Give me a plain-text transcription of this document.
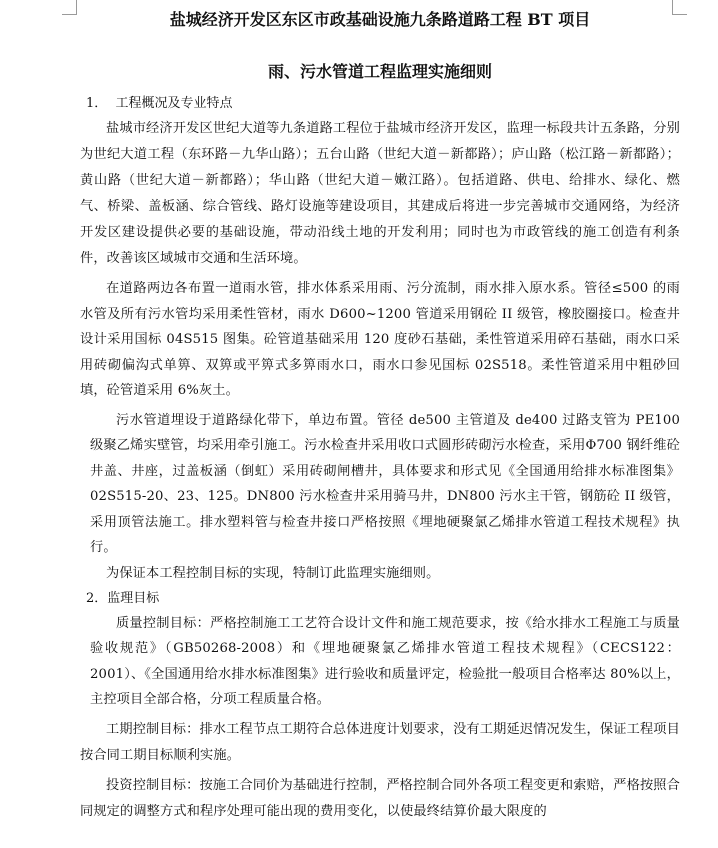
盐城经济开发区东区市政基础设施九条路道路工程 BT 项目
雨、污水管道工程监理实施细则
1．  工程概况及专业特点

盐城市经济开发区世纪大道等九条道路工程位于盐城市经济开发区，监理一标段共计五条路，分别为世纪大道工程（东环路－九华山路）；五台山路（世纪大道－新都路）；庐山路（松江路－新都路）；黄山路（世纪大道－新都路）；华山路（世纪大道－嫩江路）。包括道路、供电、给排水、绿化、燃气、桥梁、盖板涵、综合管线、路灯设施等建设项目，其建成后将进一步完善城市交通网络，为经济开发区建设提供必要的基础设施，带动沿线土地的开发利用；同时也为市政管线的施工创造有利条件，改善该区域城市交通和生活环境。

在道路两边各布置一道雨水管，排水体系采用雨、污分流制，雨水排入原水系。管径≤500 的雨水管及所有污水管均采用柔性管材，雨水 D600~1200 管道采用钢砼 II 级管，橡胶圈接口。检查井设计采用国标 04S515 图集。砼管道基础采用 120 度砂石基础，柔性管道采用碎石基础，雨水口采用砖砌偏沟式单箅、双箅或平箅式多箅雨水口，雨水口参见国标 02S518。柔性管道采用中粗砂回填，砼管道采用 6%灰土。

污水管道埋设于道路绿化带下，单边布置。管径 de500 主管道及 de400 过路支管为 PE100 级聚乙烯实壁管，均采用牵引施工。污水检查井采用收口式圆形砖砌污水检查，采用Φ700 钢纤维砼井盖、井座，过盖板涵（倒虹）采用砖砌闸槽井，具体要求和形式见《全国通用给排水标准图集》02S515-20、23、125。DN800 污水检查井采用骑马井，DN800 污水主干管，钢筋砼 II 级管，采用顶管法施工。排水塑料管与检查井接口严格按照《埋地硬聚氯乙烯排水管道工程技术规程》执行。

为保证本工程控制目标的实现，特制订此监理实施细则。

2．监理目标

质量控制目标：严格控制施工工艺符合设计文件和施工规范要求，按《给水排水工程施工与质量验收规范》（GB50268-2008）和《埋地硬聚氯乙烯排水管道工程技术规程》（CECS122：2001）、《全国通用给水排水标准图集》进行验收和质量评定，检验批一般项目合格率达 80%以上，主控项目全部合格，分项工程质量合格。

工期控制目标：排水工程节点工期符合总体进度计划要求，没有工期延迟情况发生，保证工程项目按合同工期目标顺利实施。

投资控制目标：按施工合同价为基础进行控制，严格控制合同外各项工程变更和索赔，严格按照合同规定的调整方式和程序处理可能出现的费用变化，以使最终结算价最大限度的
